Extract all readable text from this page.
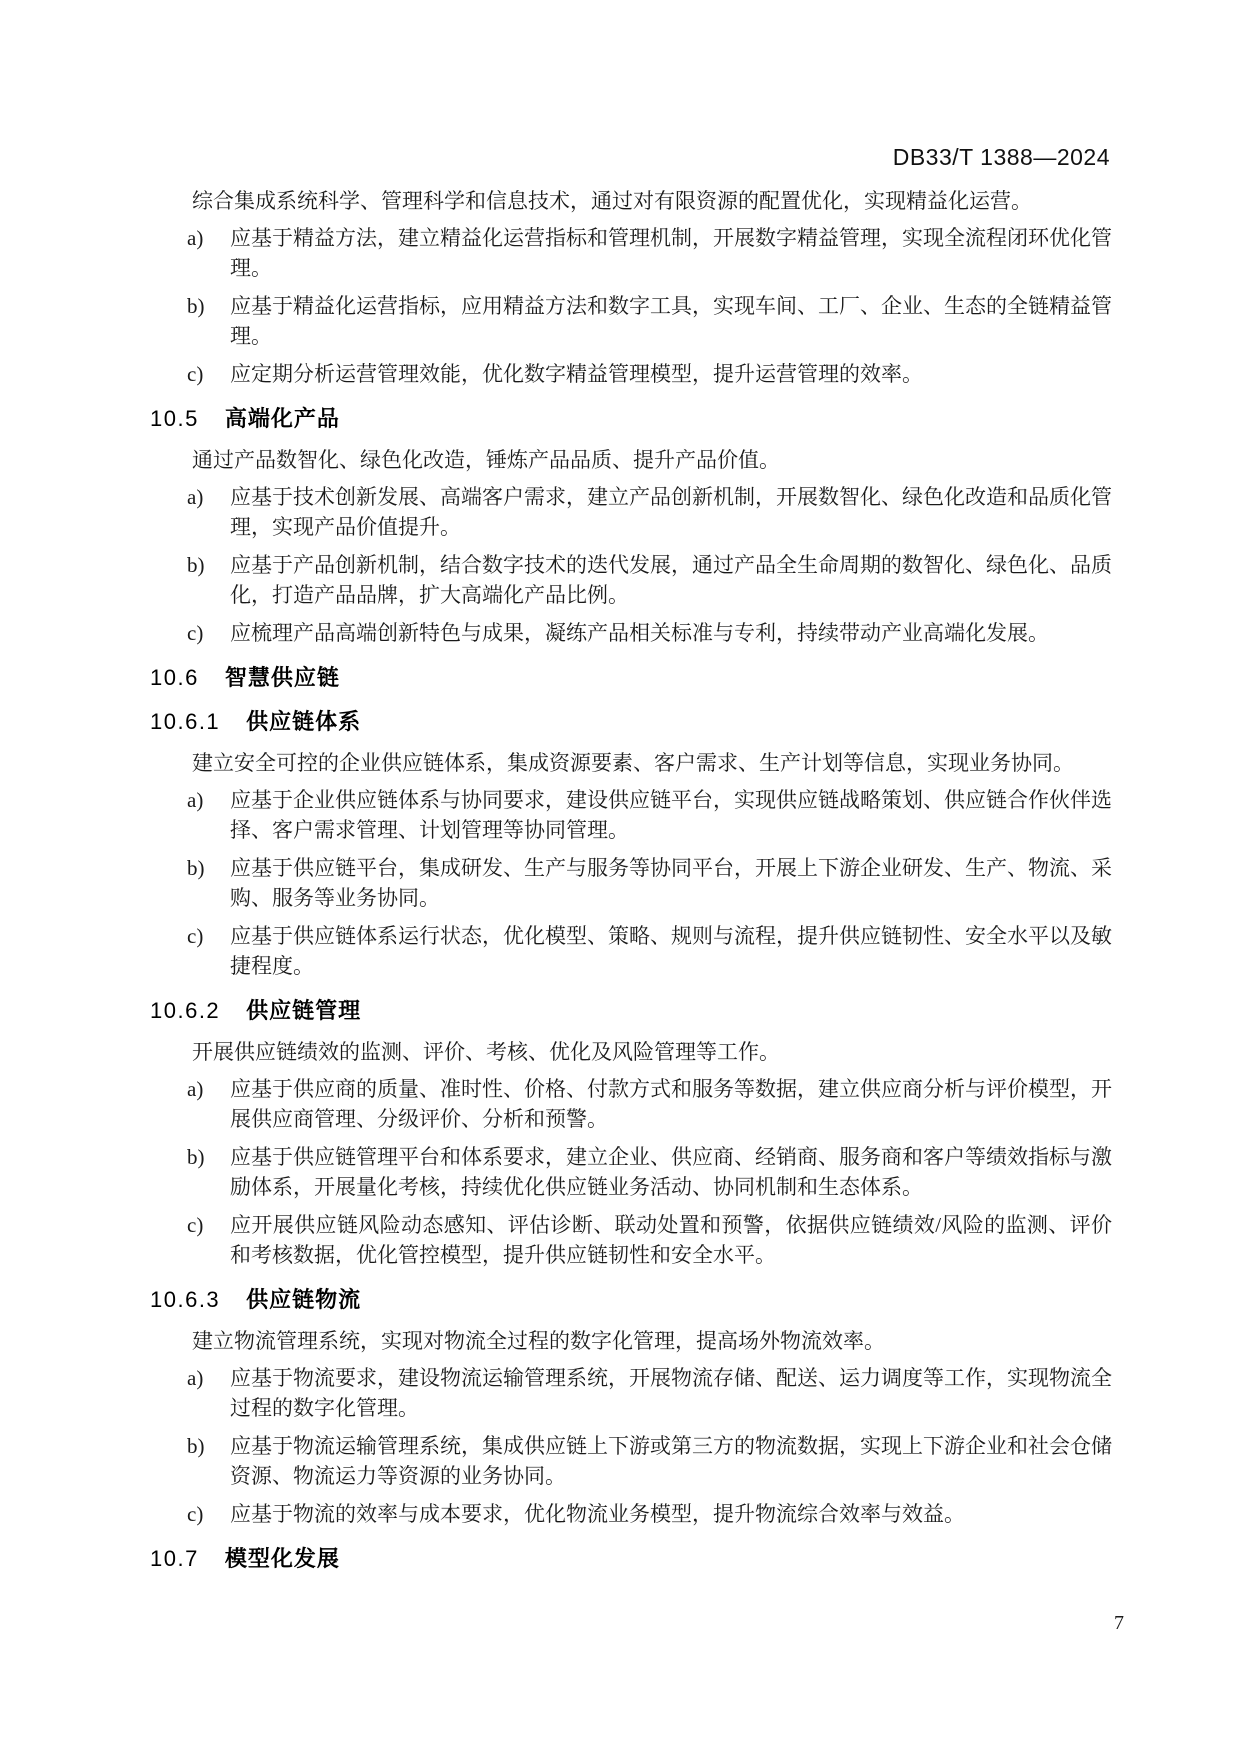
DB33/T 1388—2024

综合集成系统科学、管理科学和信息技术，通过对有限资源的配置优化，实现精益化运营。

a) 应基于精益方法，建立精益化运营指标和管理机制，开展数字精益管理，实现全流程闭环优化管理。
b) 应基于精益化运营指标，应用精益方法和数字工具，实现车间、工厂、企业、生态的全链精益管理。
c) 应定期分析运营管理效能，优化数字精益管理模型，提升运营管理的效率。
10.5 高端化产品

通过产品数智化、绿色化改造，锤炼产品品质、提升产品价值。

a) 应基于技术创新发展、高端客户需求，建立产品创新机制，开展数智化、绿色化改造和品质化管理，实现产品价值提升。
b) 应基于产品创新机制，结合数字技术的迭代发展，通过产品全生命周期的数智化、绿色化、品质化，打造产品品牌，扩大高端化产品比例。
c) 应梳理产品高端创新特色与成果，凝练产品相关标准与专利，持续带动产业高端化发展。
10.6 智慧供应链
10.6.1 供应链体系

建立安全可控的企业供应链体系，集成资源要素、客户需求、生产计划等信息，实现业务协同。

a) 应基于企业供应链体系与协同要求，建设供应链平台，实现供应链战略策划、供应链合作伙伴选择、客户需求管理、计划管理等协同管理。
b) 应基于供应链平台，集成研发、生产与服务等协同平台，开展上下游企业研发、生产、物流、采购、服务等业务协同。
c) 应基于供应链体系运行状态，优化模型、策略、规则与流程，提升供应链韧性、安全水平以及敏捷程度。
10.6.2 供应链管理

开展供应链绩效的监测、评价、考核、优化及风险管理等工作。

a) 应基于供应商的质量、准时性、价格、付款方式和服务等数据，建立供应商分析与评价模型，开展供应商管理、分级评价、分析和预警。
b) 应基于供应链管理平台和体系要求，建立企业、供应商、经销商、服务商和客户等绩效指标与激励体系，开展量化考核，持续优化供应链业务活动、协同机制和生态体系。
c) 应开展供应链风险动态感知、评估诊断、联动处置和预警，依据供应链绩效/风险的监测、评价和考核数据，优化管控模型，提升供应链韧性和安全水平。
10.6.3 供应链物流

建立物流管理系统，实现对物流全过程的数字化管理，提高场外物流效率。

a) 应基于物流要求，建设物流运输管理系统，开展物流存储、配送、运力调度等工作，实现物流全过程的数字化管理。
b) 应基于物流运输管理系统，集成供应链上下游或第三方的物流数据，实现上下游企业和社会仓储资源、物流运力等资源的业务协同。
c) 应基于物流的效率与成本要求，优化物流业务模型，提升物流综合效率与效益。
10.7 模型化发展
7
